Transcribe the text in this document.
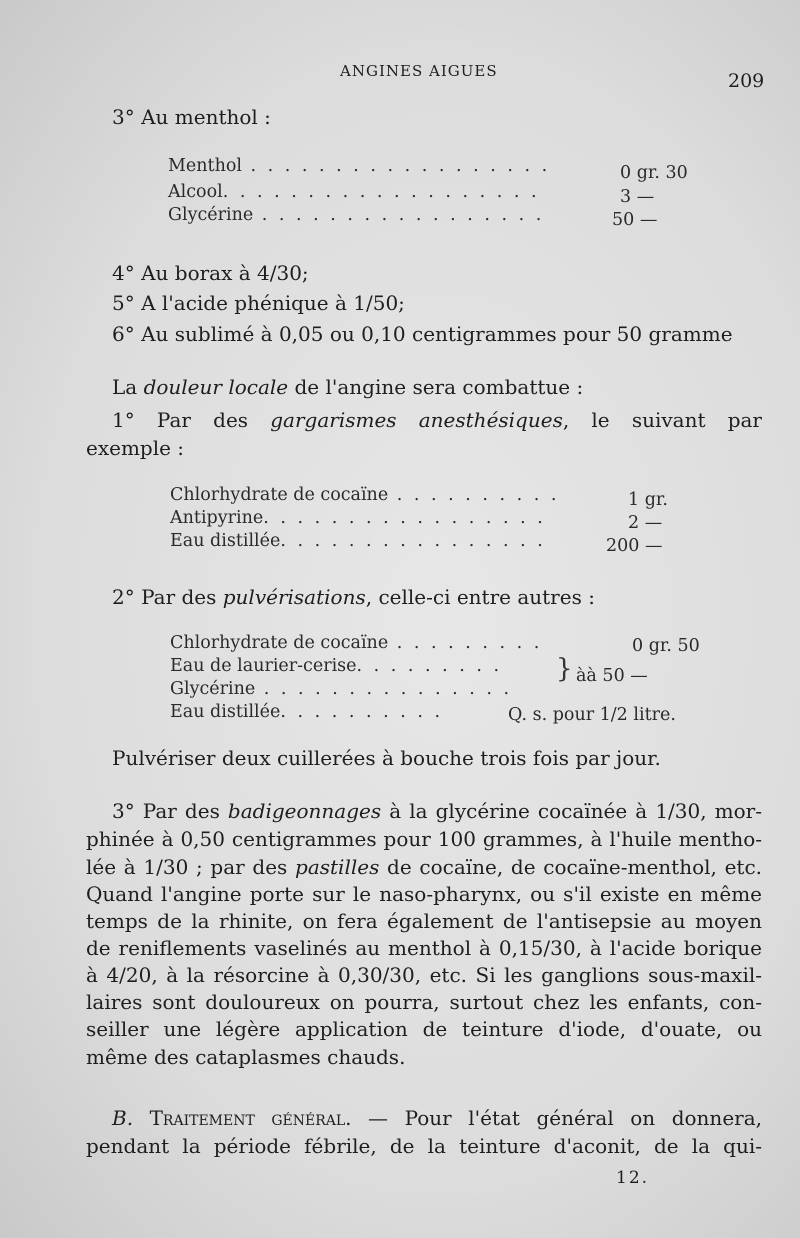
ANGINES AIGUES	209
3° Au menthol :
Menthol . . . . . . . . . . . . . . . . . .	0 gr. 30
Alcool. . . . . . . . . . . . . . . . . . .	3 —
Glycérine . . . . . . . . . . . . . . . . .	50 —
4° Au borax à 4/30;
5° A l'acide phénique à 1/50;
6° Au sublimé à 0,05 ou 0,10 centigrammes pour 50 gramme
La douleur locale de l'angine sera combattue :
1° Par des gargarismes anesthésiques, le suivant par
exemple :
Chlorhydrate de cocaïne . . . . . . . . . .	1 gr.
Antipyrine. . . . . . . . . . . . . . . . .	2 —
Eau distillée. . . . . . . . . . . . . . . .	200 —
2° Par des pulvérisations, celle-ci entre autres :
Chlorhydrate de cocaïne . . . . . . . . .	0 gr. 50
Eau de laurier-cerise. . . . . . . . .
Glycérine . . . . . . . . . . . . . . .
} àà 50 —
Eau distillée. . . . . . . . . .	Q. s. pour 1/2 litre.
Pulvériser deux cuillerées à bouche trois fois par jour.
3° Par des badigeonnages à la glycérine cocaïnée à 1/30, mor-
phinée à 0,50 centigrammes pour 100 grammes, à l'huile mentho-
lée à 1/30 ; par des pastilles de cocaïne, de cocaïne-menthol, etc.
Quand l'angine porte sur le naso-pharynx, ou s'il existe en même
temps de la rhinite, on fera également de l'antisepsie au moyen
de reniflements vaselinés au menthol à 0,15/30, à l'acide borique
à 4/20, à la résorcine à 0,30/30, etc. Si les ganglions sous-maxil-
laires sont douloureux on pourra, surtout chez les enfants, con-
seiller une légère application de teinture d'iode, d'ouate, ou
même des cataplasmes chauds.
B. Traitement général. — Pour l'état général on donnera,
pendant la période fébrile, de la teinture d'aconit, de la qui-
12.
